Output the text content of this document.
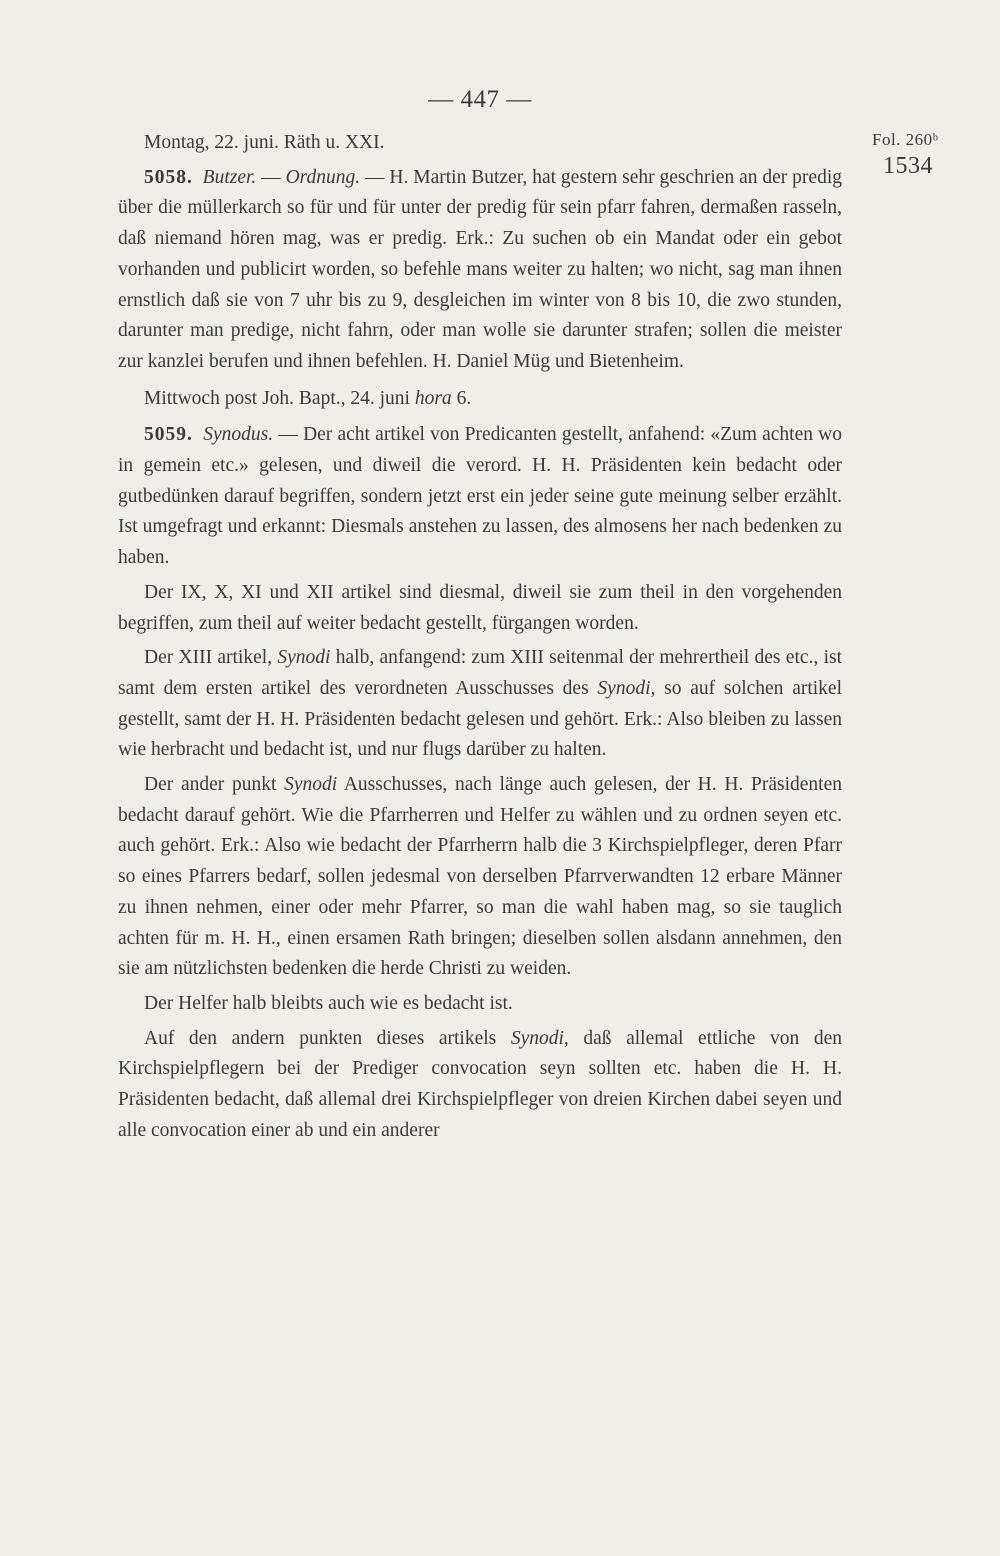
— 447 —
Fol. 260ᵇ
1534

Montag, 22. juni. Räth u. XXI.

5058. Butzer. — Ordnung. — H. Martin Butzer, hat gestern sehr geschrien an der predig über die müllerkarch so für und für unter der predig für sein pfarr fahren, dermaßen rasseln, daß niemand hören mag, was er predig. Erk.: Zu suchen ob ein Mandat oder ein gebot vorhanden und publicirt worden, so befehle mans weiter zu halten; wo nicht, sag man ihnen ernstlich daß sie von 7 uhr bis zu 9, desgleichen im winter von 8 bis 10, die zwo stunden, darunter man predige, nicht fahrn, oder man wolle sie darunter strafen; sollen die meister zur kanzlei berufen und ihnen befehlen. H. Daniel Müg und Bietenheim.

Mittwoch post Joh. Bapt., 24. juni hora 6.

5059. Synodus. — Der acht artikel von Predicanten gestellt, anfahend: «Zum achten wo in gemein etc.» gelesen, und diweil die verord. H. H. Präsidenten kein bedacht oder gutbedünken darauf begriffen, sondern jetzt erst ein jeder seine gute meinung selber erzählt. Ist umgefragt und erkannt: Diesmals anstehen zu lassen, des almosens her nach bedenken zu haben.

Der IX, X, XI und XII artikel sind diesmal, diweil sie zum theil in den vorgehenden begriffen, zum theil auf weiter bedacht gestellt, fürgangen worden.

Der XIII artikel, Synodi halb, anfangend: zum XIII seitenmal der mehrertheil des etc., ist samt dem ersten artikel des verordneten Ausschusses des Synodi, so auf solchen artikel gestellt, samt der H. H. Präsidenten bedacht gelesen und gehört. Erk.: Also bleiben zu lassen wie herbracht und bedacht ist, und nur flugs darüber zu halten.

Der ander punkt Synodi Ausschusses, nach länge auch gelesen, der H. H. Präsidenten bedacht darauf gehört. Wie die Pfarrherren und Helfer zu wählen und zu ordnen seyen etc. auch gehört. Erk.: Also wie bedacht der Pfarrherrn halb die 3 Kirchspielpfleger, deren Pfarr so eines Pfarrers bedarf, sollen jedesmal von derselben Pfarrverwandten 12 erbare Männer zu ihnen nehmen, einer oder mehr Pfarrer, so man die wahl haben mag, so sie tauglich achten für m. H. H., einen ersamen Rath bringen; dieselben sollen alsdann annehmen, den sie am nützlichsten bedenken die herde Christi zu weiden.

Der Helfer halb bleibts auch wie es bedacht ist.

Auf den andern punkten dieses artikels Synodi, daß allemal ettliche von den Kirchspielpflegern bei der Prediger convocation seyn sollten etc. haben die H. H. Präsidenten bedacht, daß allemal drei Kirchspielpfleger von dreien Kirchen dabei seyen und alle convocation einer ab und ein anderer
